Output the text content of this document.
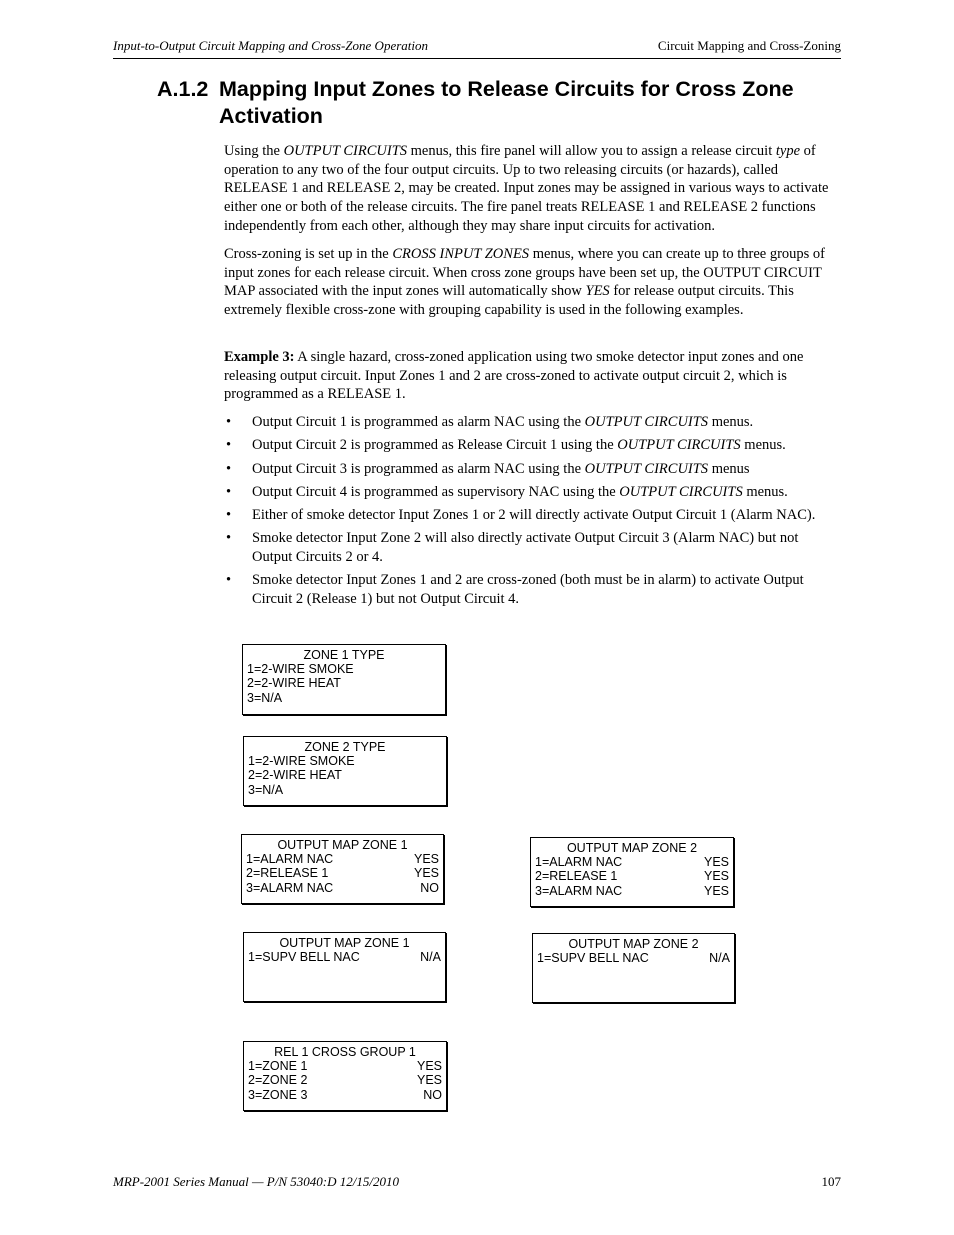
Input-to-Output Circuit Mapping and Cross-Zone Operation	Circuit Mapping and Cross-Zoning
A.1.2 Mapping Input Zones to Release Circuits for Cross Zone
Activation

Using the OUTPUT CIRCUITS menus, this fire panel will allow you to assign a release circuit type of operation to any two of the four output circuits. Up to two releasing circuits (or hazards), called RELEASE 1 and RELEASE 2, may be created. Input zones may be assigned in various ways to activate either one or both of the release circuits. The fire panel treats RELEASE 1 and RELEASE 2 functions independently from each other, although they may share input circuits for activation.

Cross-zoning is set up in the CROSS INPUT ZONES menus, where you can create up to three groups of input zones for each release circuit. When cross zone groups have been set up, the OUTPUT CIRCUIT MAP associated with the input zones will automatically show YES for release output circuits. This extremely flexible cross-zone with grouping capability is used in the following examples.

Example 3: A single hazard, cross-zoned application using two smoke detector input zones and one releasing output circuit. Input Zones 1 and 2 are cross-zoned to activate output circuit 2, which is programmed as a RELEASE 1.

• Output Circuit 1 is programmed as alarm NAC using the OUTPUT CIRCUITS menus.
• Output Circuit 2 is programmed as Release Circuit 1 using the OUTPUT CIRCUITS menus.
• Output Circuit 3 is programmed as alarm NAC using the OUTPUT CIRCUITS menus
• Output Circuit 4 is programmed as supervisory NAC using the OUTPUT CIRCUITS menus.
• Either of smoke detector Input Zones 1 or 2 will directly activate Output Circuit 1 (Alarm NAC).
• Smoke detector Input Zone 2 will also directly activate Output Circuit 3 (Alarm NAC) but not Output Circuits 2 or 4.
• Smoke detector Input Zones 1 and 2 are cross-zoned (both must be in alarm) to activate Output Circuit 2 (Release 1) but not Output Circuit 4.
ZONE 1 TYPE
1=2-WIRE SMOKE
2=2-WIRE HEAT
3=N/A
ZONE 2 TYPE
1=2-WIRE SMOKE
2=2-WIRE HEAT
3=N/A
OUTPUT MAP ZONE 1
1=ALARM NAC	YES
2=RELEASE 1	YES
3=ALARM NAC	NO
OUTPUT MAP ZONE 2
1=ALARM NAC	YES
2=RELEASE 1	YES
3=ALARM NAC	YES
OUTPUT MAP ZONE 1
1=SUPV BELL NAC	N/A
OUTPUT MAP ZONE 2
1=SUPV BELL NAC	N/A
REL 1 CROSS GROUP 1
1=ZONE 1	YES
2=ZONE 2	YES
3=ZONE 3	NO
MRP-2001 Series Manual — P/N 53040:D 12/15/2010	107
